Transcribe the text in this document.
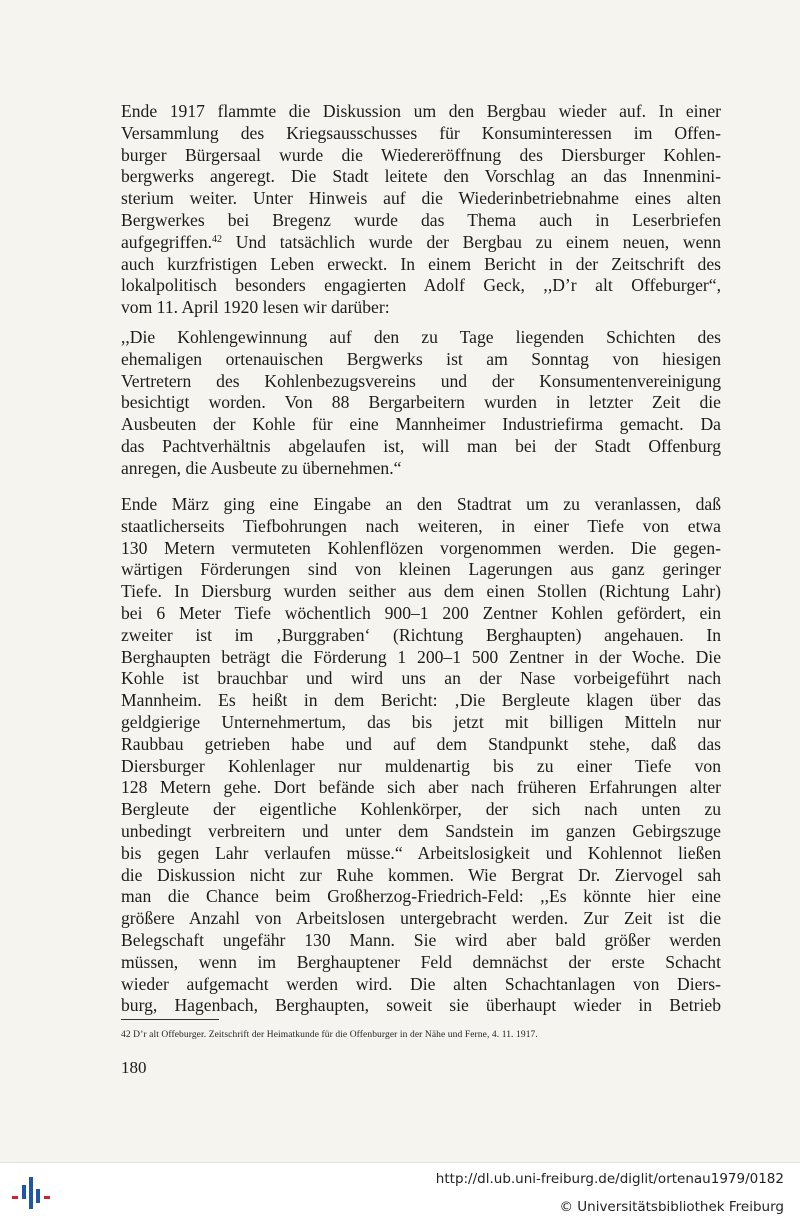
Ende 1917 flammte die Diskussion um den Bergbau wieder auf. In einer
Versammlung des Kriegsausschusses für Konsuminteressen im Offen-
burger Bürgersaal wurde die Wiedereröffnung des Diersburger Kohlen-
bergwerks angeregt. Die Stadt leitete den Vorschlag an das Innenmini-
sterium weiter. Unter Hinweis auf die Wiederinbetriebnahme eines alten
Bergwerkes bei Bregenz wurde das Thema auch in Leserbriefen
aufgegriffen.$^{42}$ Und tatsächlich wurde der Bergbau zu einem neuen, wenn
auch kurzfristigen Leben erweckt. In einem Bericht in der Zeitschrift des
lokalpolitisch besonders engagierten Adolf Geck, ,,D’r alt Offeburger“,
vom 11. April 1920 lesen wir darüber:

,,Die Kohlengewinnung auf den zu Tage liegenden Schichten des
ehemaligen ortenauischen Bergwerks ist am Sonntag von hiesigen
Vertretern des Kohlenbezugsvereins und der Konsumentenvereinigung
besichtigt worden. Von 88 Bergarbeitern wurden in letzter Zeit die
Ausbeuten der Kohle für eine Mannheimer Industriefirma gemacht. Da
das Pachtverhältnis abgelaufen ist, will man bei der Stadt Offenburg
anregen, die Ausbeute zu übernehmen.“

Ende März ging eine Eingabe an den Stadtrat um zu veranlassen, daß
staatlicherseits Tiefbohrungen nach weiteren, in einer Tiefe von etwa
130 Metern vermuteten Kohlenflözen vorgenommen werden. Die gegen-
wärtigen Förderungen sind von kleinen Lagerungen aus ganz geringer
Tiefe. In Diersburg wurden seither aus dem einen Stollen (Richtung Lahr)
bei 6 Meter Tiefe wöchentlich 900–1 200 Zentner Kohlen gefördert, ein
zweiter ist im ‚Burggraben‘ (Richtung Berghaupten) angehauen. In
Berghaupten beträgt die Förderung 1 200–1 500 Zentner in der Woche. Die
Kohle ist brauchbar und wird uns an der Nase vorbeigeführt nach
Mannheim. Es heißt in dem Bericht: ‚Die Bergleute klagen über das
geldgierige Unternehmertum, das bis jetzt mit billigen Mitteln nur
Raubbau getrieben habe und auf dem Standpunkt stehe, daß das
Diersburger Kohlenlager nur muldenartig bis zu einer Tiefe von
128 Metern gehe. Dort befände sich aber nach früheren Erfahrungen alter
Bergleute der eigentliche Kohlenkörper, der sich nach unten zu
unbedingt verbreitern und unter dem Sandstein im ganzen Gebirgszuge
bis gegen Lahr verlaufen müsse.“ Arbeitslosigkeit und Kohlennot ließen
die Diskussion nicht zur Ruhe kommen. Wie Bergrat Dr. Ziervogel sah
man die Chance beim Großherzog-Friedrich-Feld: ,,Es könnte hier eine
größere Anzahl von Arbeitslosen untergebracht werden. Zur Zeit ist die
Belegschaft ungefähr 130 Mann. Sie wird aber bald größer werden
müssen, wenn im Berghauptener Feld demnächst der erste Schacht
wieder aufgemacht werden wird. Die alten Schachtanlagen von Diers-
burg, Hagenbach, Berghaupten, soweit sie überhaupt wieder in Betrieb

42 D’r alt Offeburger. Zeitschrift der Heimatkunde für die Offenburger in der Nähe und Ferne, 4. 11. 1917.
180
http://dl.ub.uni-freiburg.de/diglit/ortenau1979/0182
© Universitätsbibliothek Freiburg
